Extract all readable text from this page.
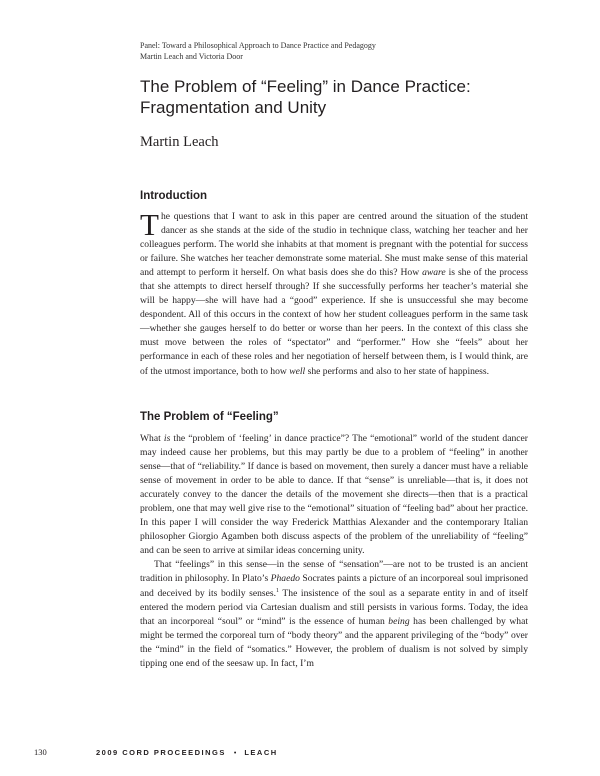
Panel: Toward a Philosophical Approach to Dance Practice and Pedagogy
Martin Leach and Victoria Door
The Problem of “Feeling” in Dance Practice:
Fragmentation and Unity
Martin Leach
Introduction

The questions that I want to ask in this paper are centred around the situation of the student dancer as she stands at the side of the studio in technique class, watching her teacher and her colleagues perform. The world she inhabits at that moment is pregnant with the potential for success or failure. She watches her teacher demonstrate some material. She must make sense of this material and attempt to perform it herself. On what basis does she do this? How aware is she of the process that she attempts to direct herself through? If she successfully performs her teacher’s material she will be happy—she will have had a “good” experience. If she is unsuccessful she may become despondent. All of this occurs in the context of how her student colleagues perform in the same task—whether she gauges herself to do better or worse than her peers. In the context of this class she must move between the roles of “spectator” and “performer.” How she “feels” about her performance in each of these roles and her negotiation of herself between them, is I would think, are of the utmost importance, both to how well she performs and also to her state of happiness.

The Problem of “Feeling”

What is the “problem of ‘feeling’ in dance practice”? The “emotional” world of the student dancer may indeed cause her problems, but this may partly be due to a problem of “feeling” in another sense—that of “reliability.” If dance is based on movement, then surely a dancer must have a reliable sense of movement in order to be able to dance. If that “sense” is unreliable—that is, it does not accurately convey to the dancer the details of the movement she directs—then that is a practical problem, one that may well give rise to the “emotional” situation of “feeling bad” about her practice. In this paper I will consider the way Frederick Matthias Alexander and the contemporary Italian philosopher Giorgio Agamben both discuss aspects of the problem of the unreliability of “feeling” and can be seen to arrive at similar ideas concerning unity.

That “feelings” in this sense—in the sense of “sensation”—are not to be trusted is an ancient tradition in philosophy. In Plato’s Phaedo Socrates paints a picture of an incorporeal soul imprisoned and deceived by its bodily senses.$^1$ The insistence of the soul as a separate entity in and of itself entered the modern period via Cartesian dualism and still persists in various forms. Today, the idea that an incorporeal “soul” or “mind” is the essence of human being has been challenged by what might be termed the corporeal turn of “body theory” and the apparent privileging of the “body” over the “mind” in the field of “somatics.” However, the problem of dualism is not solved by simply tipping one end of the seesaw up. In fact, I’m

130	2009 CORD PROCEEDINGS • LEACH
